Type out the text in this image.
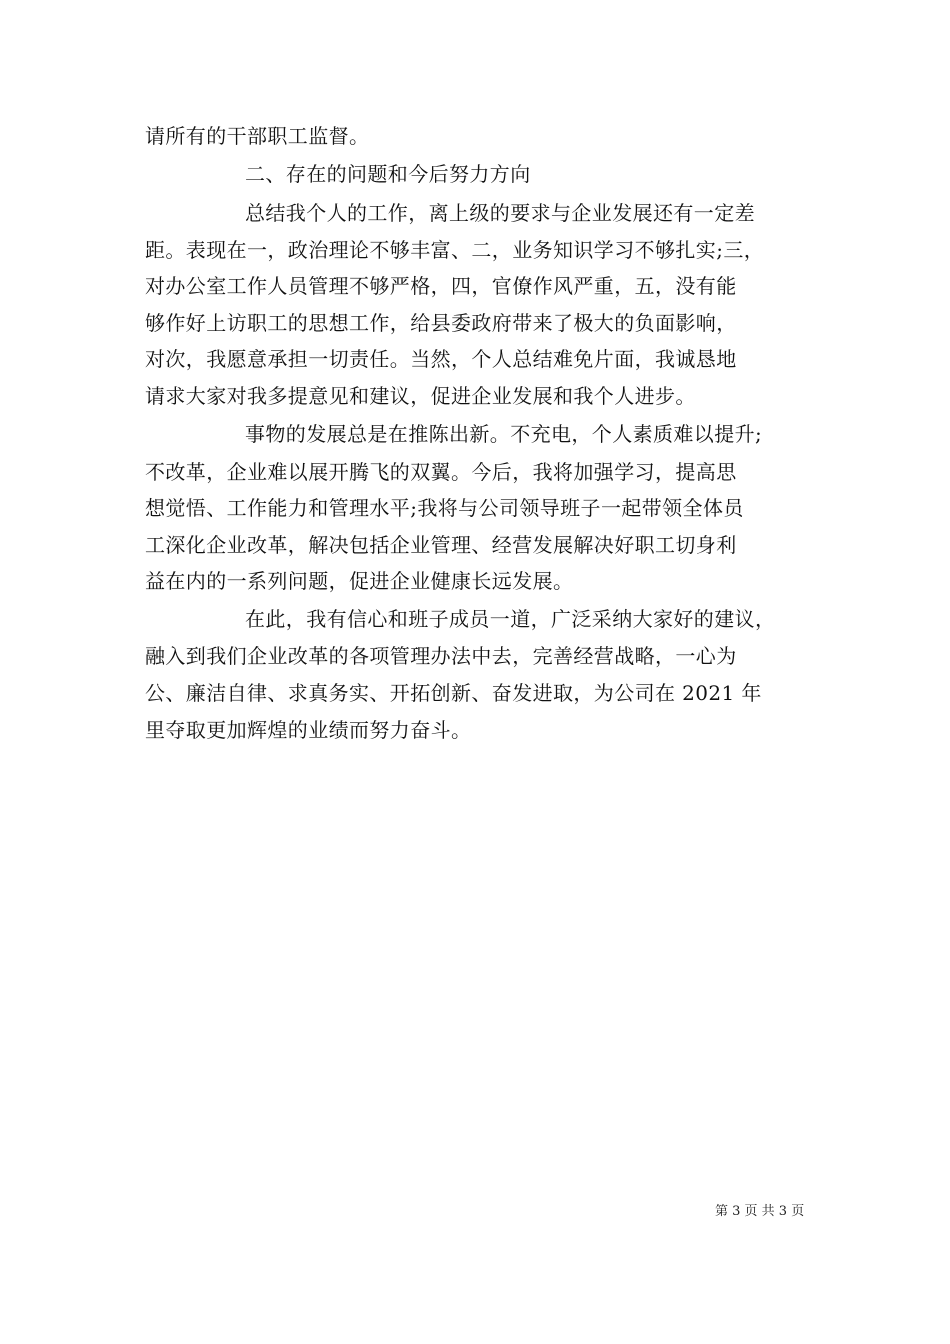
请所有的干部职工监督。
二、存在的问题和今后努力方向
总结我个人的工作，离上级的要求与企业发展还有一定差
距。表现在一，政治理论不够丰富、二，业务知识学习不够扎实;三，
对办公室工作人员管理不够严格，四，官僚作风严重，五，没有能
够作好上访职工的思想工作，给县委政府带来了极大的负面影响，
对次，我愿意承担一切责任。当然，个人总结难免片面，我诚恳地
请求大家对我多提意见和建议，促进企业发展和我个人进步。
事物的发展总是在推陈出新。不充电，个人素质难以提升;
不改革，企业难以展开腾飞的双翼。今后，我将加强学习，提高思
想觉悟、工作能力和管理水平;我将与公司领导班子一起带领全体员
工深化企业改革，解决包括企业管理、经营发展解决好职工切身利
益在内的一系列问题，促进企业健康长远发展。
在此，我有信心和班子成员一道，广泛采纳大家好的建议，
融入到我们企业改革的各项管理办法中去，完善经营战略，一心为
公、廉洁自律、求真务实、开拓创新、奋发进取，为公司在 2021 年
里夺取更加辉煌的业绩而努力奋斗。
第 3 页 共 3 页
